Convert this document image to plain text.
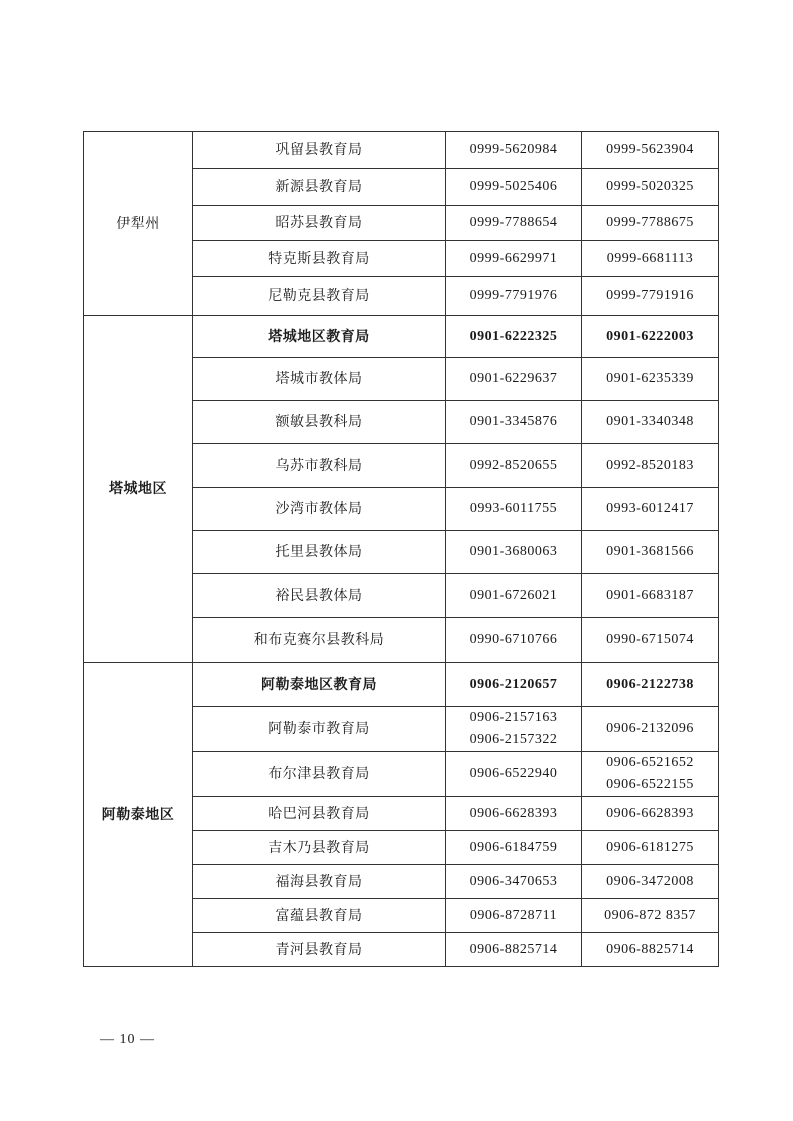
伊犁州	巩留县教育局	0999-5620984	0999-5623904

	新源县教育局	0999-5025406	0999-5020325

	昭苏县教育局	0999-7788654	0999-7788675

	特克斯县教育局	0999-6629971	0999-6681113

	尼勒克县教育局	0999-7791976	0999-7791916

塔城地区	塔城地区教育局	0901-6222325	0901-6222003

	塔城市教体局	0901-6229637	0901-6235339

	额敏县教科局	0901-3345876	0901-3340348

	乌苏市教科局	0992-8520655	0992-8520183

	沙湾市教体局	0993-6011755	0993-6012417

	托里县教体局	0901-3680063	0901-3681566

	裕民县教体局	0901-6726021	0901-6683187

	和布克赛尔县教科局	0990-6710766	0990-6715074

阿勒泰地区	阿勒泰地区教育局	0906-2120657	0906-2122738

	阿勒泰市教育局	0906-2157163
0906-2157322	0906-2132096

	布尔津县教育局	0906-6522940	0906-6521652
0906-6522155

	哈巴河县教育局	0906-6628393	0906-6628393

	吉木乃县教育局	0906-6184759	0906-6181275

	福海县教育局	0906-3470653	0906-3472008

	富蕴县教育局	0906-8728711	0906-872 8357

	青河县教育局	0906-8825714	0906-8825714
— 10 —
